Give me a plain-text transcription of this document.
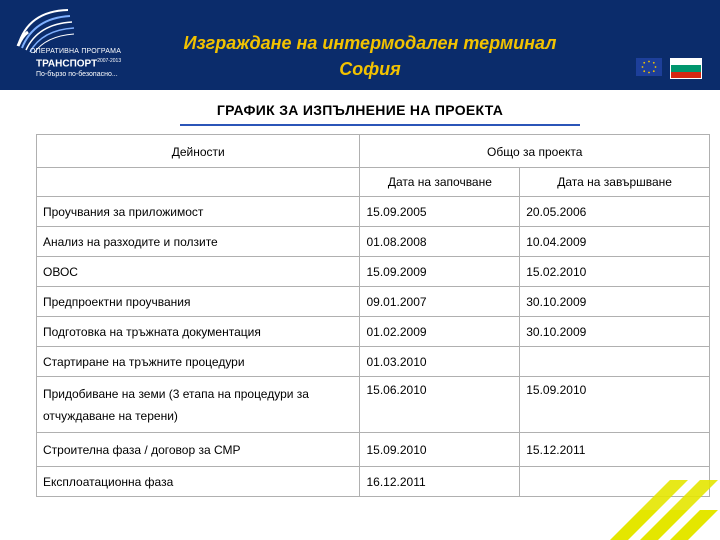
ОПЕРАТИВНА ПРОГРАМА
$ТРАНСПОРТ^{2007-2013}$
По-бързо по-безопасно...
Изграждане на интермодален терминал
София
ГРАФИК ЗА ИЗПЪЛНЕНИЕ НА ПРОЕКТА
Дейности	Общо за проекта	
	Дата на започване	Дата на завършване
Проучвания за приложимост	15.09.2005	20.05.2006
Анализ на разходите и ползите	01.08.2008	10.04.2009
ОВОС	15.09.2009	15.02.2010
Предпроектни проучвания	09.01.2007	30.10.2009
Подготовка на тръжната документация	01.02.2009	30.10.2009
Стартиране на тръжните процедури	01.03.2010	
Придобиване на земи (3 етапа на процедури за отчуждаване на терени)	15.06.2010	15.09.2010
Строителна фаза / договор за СМР	15.09.2010	15.12.2011
Експлоатационна фаза	16.12.2011	
